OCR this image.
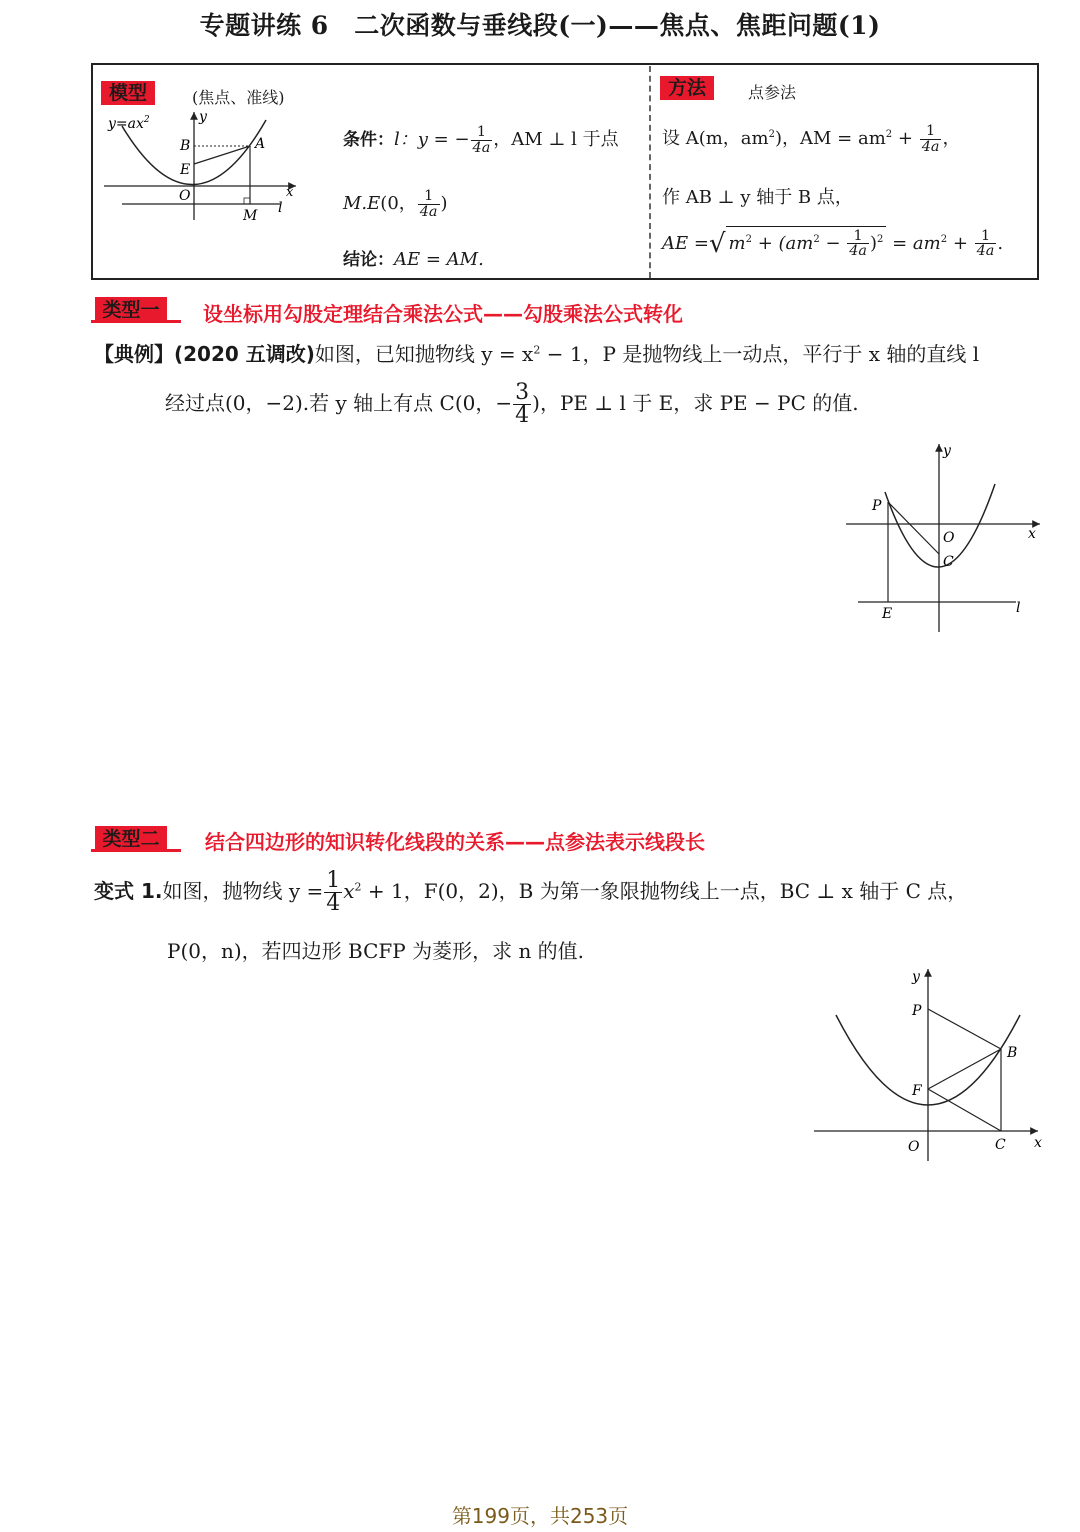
专题讲练 6　二次函数与垂线段(一)——焦点、焦距问题(1)
模型	(焦点、准线)
$y=ax^2$	y
x
B	A
E
O
M l
条件：l：y = − $\frac{1}{4a}$ ，AM ⊥ l 于点
M.E(0， $\frac{1}{4a}$ )
结论：AE = AM.
方法	点参法
设 A(m，$am^2$)，AM = $am^2 + \frac{1}{4a}$ ，
作 AB ⊥ y 轴于 B 点，
AE =√ $m^2 + (am^2 - \frac{1}{4a} )^2 = am^2 + \frac{1}{4a}$ .
类型一	设坐标用勾股定理结合乘法公式——勾股乘法公式转化
【典例】(2020 五调改)如图，已知抛物线 $y = x^2 - 1$，P 是抛物线上一动点，平行于 x 轴的直线 l
经过点(0，−2).若 y 轴上有点 C(0，− $\frac{3}{4}$ )，PE ⊥ l 于 E，求 PE − PC 的值.
y
x
P
O
C
E	l
类型二	结合四边形的知识转化线段的关系——点参法表示线段长
变式 1.如图，抛物线 $y = \frac{1}{4} x^2 + 1$，F(0，2)，B 为第一象限抛物线上一点，BC ⊥ x 轴于 C 点，
P(0，n)，若四边形 BCFP 为菱形，求 n 的值.
y
x
P
B
F
O	C
第199页，共253页
